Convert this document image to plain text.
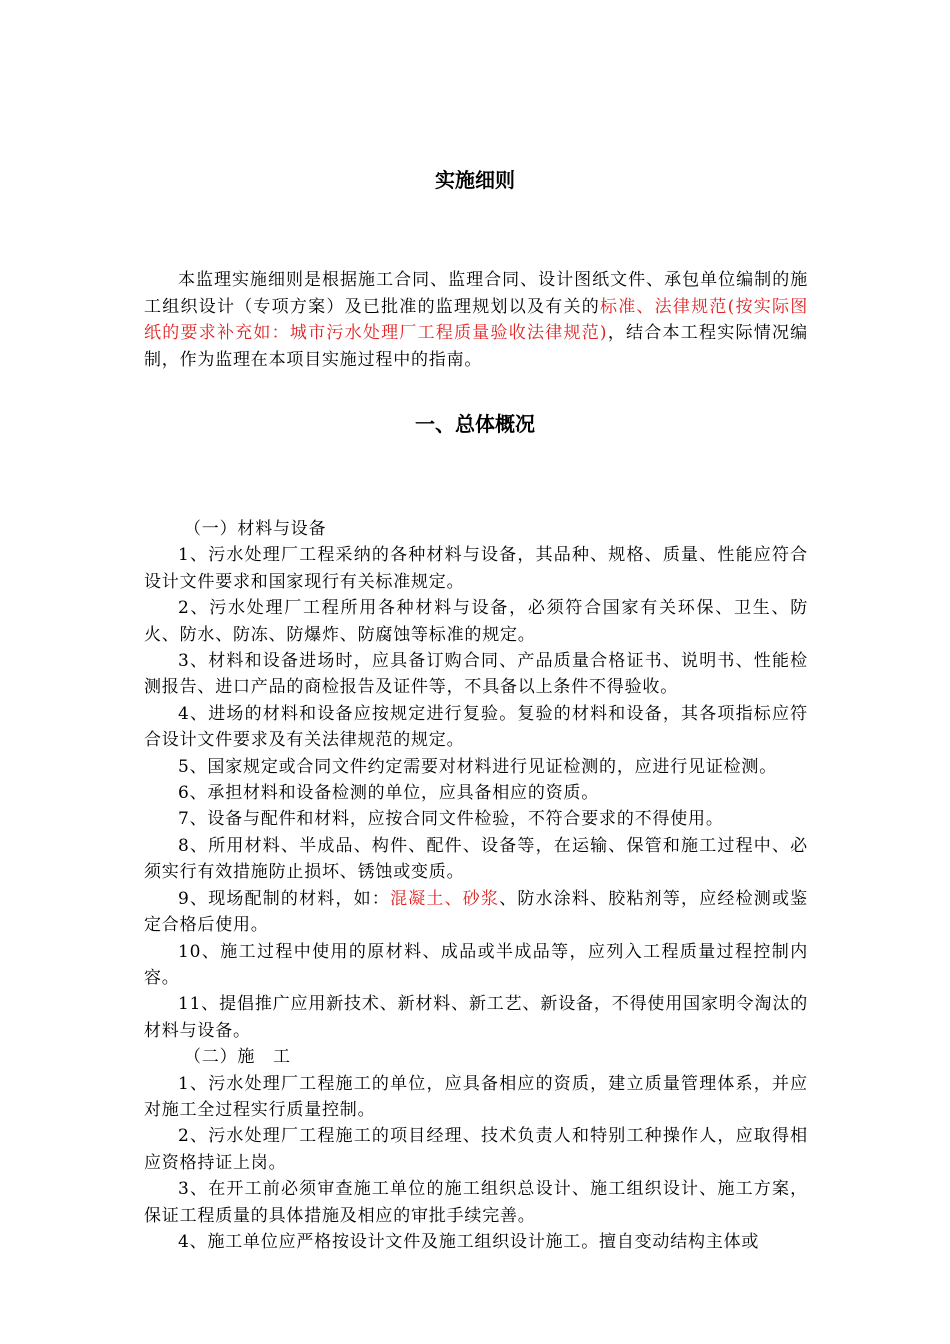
实施细则

本监理实施细则是根据施工合同、监理合同、设计图纸文件、承包单位编制的施工组织设计（专项方案）及已批准的监理规划以及有关的标准、法律规范(按实际图纸的要求补充如：城市污水处理厂工程质量验收法律规范)，结合本工程实际情况编制，作为监理在本项目实施过程中的指南。

一、总体概况

（一）材料与设备

1、污水处理厂工程采纳的各种材料与设备，其品种、规格、质量、性能应符合设计文件要求和国家现行有关标准规定。

2、污水处理厂工程所用各种材料与设备，必须符合国家有关环保、卫生、防火、防水、防冻、防爆炸、防腐蚀等标准的规定。

3、材料和设备进场时，应具备订购合同、产品质量合格证书、说明书、性能检测报告、进口产品的商检报告及证件等，不具备以上条件不得验收。

4、进场的材料和设备应按规定进行复验。复验的材料和设备，其各项指标应符合设计文件要求及有关法律规范的规定。

5、国家规定或合同文件约定需要对材料进行见证检测的，应进行见证检测。

6、承担材料和设备检测的单位，应具备相应的资质。

7、设备与配件和材料，应按合同文件检验，不符合要求的不得使用。

8、所用材料、半成品、构件、配件、设备等，在运输、保管和施工过程中、必须实行有效措施防止损坏、锈蚀或变质。

9、现场配制的材料，如：混凝土、砂浆、防水涂料、胶粘剂等，应经检测或鉴定合格后使用。

10、施工过程中使用的原材料、成品或半成品等，应列入工程质量过程控制内容。

11、提倡推广应用新技术、新材料、新工艺、新设备，不得使用国家明令淘汰的材料与设备。

（二）施　工

1、污水处理厂工程施工的单位，应具备相应的资质，建立质量管理体系，并应对施工全过程实行质量控制。

2、污水处理厂工程施工的项目经理、技术负责人和特别工种操作人，应取得相应资格持证上岗。

3、在开工前必须审查施工单位的施工组织总设计、施工组织设计、施工方案，保证工程质量的具体措施及相应的审批手续完善。

4、施工单位应严格按设计文件及施工组织设计施工。擅自变动结构主体或
